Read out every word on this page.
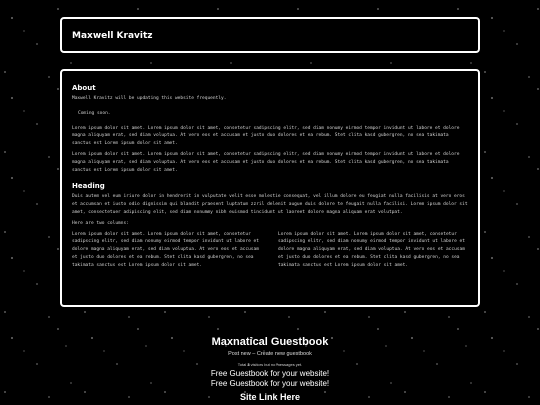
Maxwell Kravitz
About

Maxwell Kravitz will be updating this website frequently.

Coming soon.

Lorem ipsum dolor sit amet. Lorem ipsum dolor sit amet, consetetur sadipscing elitr, sed diam nonumy eirmod tempor invidunt ut labore et dolore magna aliquyam erat, sed diam voluptua. At vero eos et accusam et justo duo dolores et ea rebum. Stet clita kasd gubergren, no sea takimata sanctus est Lorem ipsum dolor sit amet.

Lorem ipsum dolor sit amet. Lorem ipsum dolor sit amet, consetetur sadipscing elitr, sed diam nonumy eirmod tempor invidunt ut labore et dolore magna aliquyam erat, sed diam voluptua. At vero eos et accusam et justo duo dolores et ea rebum. Stet clita kasd gubergren, no sea takimata sanctus est Lorem ipsum dolor sit amet.

Heading

Duis autem vel eum iriure dolor in hendrerit in vulputate velit esse molestie consequat, vel illum dolore eu feugiat nulla facilisis at vero eros et accumsan et iusto odio dignissim qui blandit praesent luptatum zzril delenit augue duis dolore te feugait nulla facilisi. Lorem ipsum dolor sit amet, consectetuer adipiscing elit, sed diam nonummy nibh euismod tincidunt ut laoreet dolore magna aliquam erat volutpat.

Here are two columns:

Lorem ipsum dolor sit amet. Lorem ipsum dolor sit amet, consetetur sadipscing elitr, sed diam nonumy eirmod tempor invidunt ut labore et dolore magna aliquyam erat, sed diam voluptua. At vero eos et accusam et justo duo dolores et ea rebum. Stet clita kasd gubergren, no sea takimata sanctus est Lorem ipsum dolor sit amet.

Lorem ipsum dolor sit amet. Lorem ipsum dolor sit amet, consetetur sadipscing elitr, sed diam nonumy eirmod tempor invidunt ut labore et dolore magna aliquyam erat, sed diam voluptua. At vero eos et accusam et justo duo dolores et ea rebum. Stet clita kasd gubergren, no sea takimata sanctus est Lorem ipsum dolor sit amet.

Maxnatical Guestbook
Post new – Create new guestbook
Total 3 visitors but no messages yet.
Free Guestbook for your website!
Free Guestbook for your website!
Site Link Here
